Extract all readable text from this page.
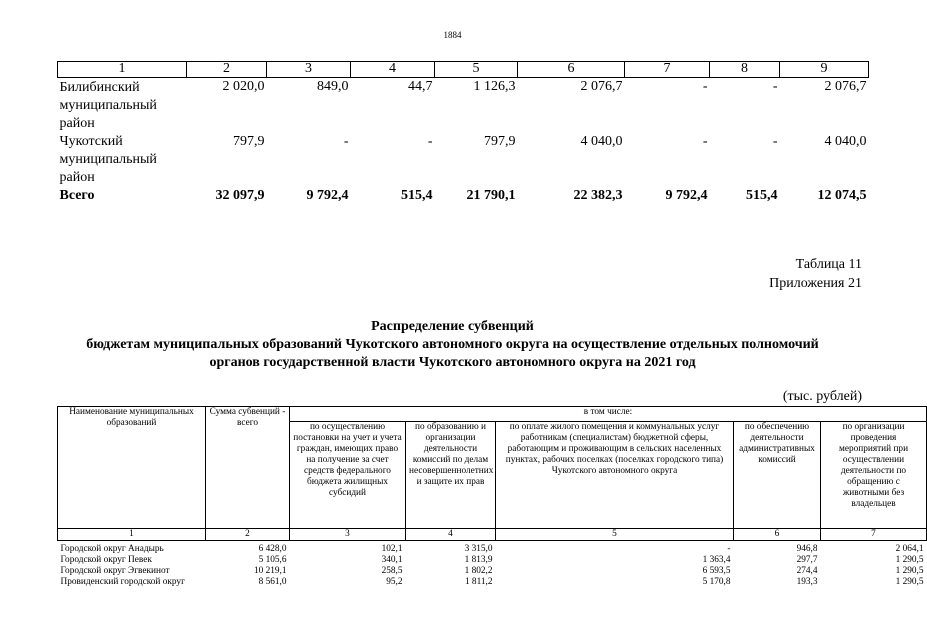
1884
1	2	3	4	5	6	7	8	9
Билибинский муниципальный район	2 020,0	849,0	44,7	1 126,3	2 076,7	-	-	2 076,7
Чукотский муниципальный район	797,9	-	-	797,9	4 040,0	-	-	4 040,0
Всего	32 097,9	9 792,4	515,4	21 790,1	22 382,3	9 792,4	515,4	12 074,5
Таблица 11
Приложения 21
Распределение субвенций
бюджетам муниципальных образований Чукотского автономного округа на осуществление отдельных полномочий
органов государственной власти Чукотского автономного округа на 2021 год
(тыс. рублей)
Наименование муниципальных образований	Сумма субвенций - всего	в том числе:				
		по осуществлению постановки на учет и учета граждан, имеющих право на получение за счет средств федерального бюджета жилищных субсидий	по образованию и организации деятельности комиссий по делам несовершеннолетних и защите их прав	по оплате жилого помещения и коммунальных услуг работникам (специалистам) бюджетной сферы, работающим и проживающим в сельских населенных пунктах, рабочих поселках (поселках городского типа) Чукотского автономного округа	по обеспечению деятельности административных комиссий	по организации проведения мероприятий при осуществлении деятельности по обращению с животными без владельцев
1	2	3	4	5	6	7
Городской округ Анадырь	6 428,0	102,1	3 315,0	-	946,8	2 064,1
Городской округ Певек	5 105,6	340,1	1 813,9	1 363,4	297,7	1 290,5
Городской округ Эгвекинот	10 219,1	258,5	1 802,2	6 593,5	274,4	1 290,5
Провиденский городской округ	8 561,0	95,2	1 811,2	5 170,8	193,3	1 290,5
